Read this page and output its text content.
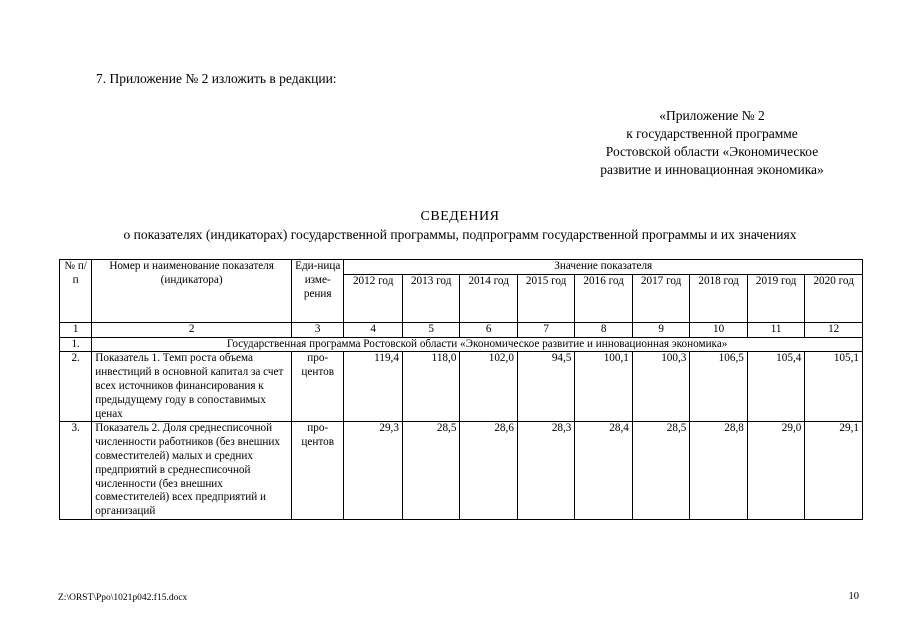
7. Приложение № 2 изложить в редакции:
«Приложение № 2
к государственной программе
Ростовской области «Экономическое
развитие и инновационная экономика»
СВЕДЕНИЯ
о показателях (индикаторах) государственной программы, подпрограмм государственной программы и их значениях
№ п/п	Номер и наименование показателя (индикатора)	Еди-ница изме-рения	Значение показателя								
			2012 год	2013 год	2014 год	2015 год	2016 год	2017 год	2018 год	2019 год	2020 год
1	2	3	4	5	6	7	8	9	10	11	12
1.	Государственная программа Ростовской области «Экономическое развитие и инновационная экономика»										
2.	Показатель 1. Темп роста объема инвестиций в основной капитал за счет всех источников финансирования к предыдущему году в сопоставимых ценах	про-центов	119,4	118,0	102,0	94,5	100,1	100,3	106,5	105,4	105,1
3.	Показатель 2. Доля среднесписочной численности работников (без внешних совместителей) малых и средних предприятий в среднесписочной численности (без внешних совместителей) всех предприятий и организаций	про-центов	29,3	28,5	28,6	28,3	28,4	28,5	28,8	29,0	29,1
Z:\ORST\Ppo\1021p042.f15.docx	10
